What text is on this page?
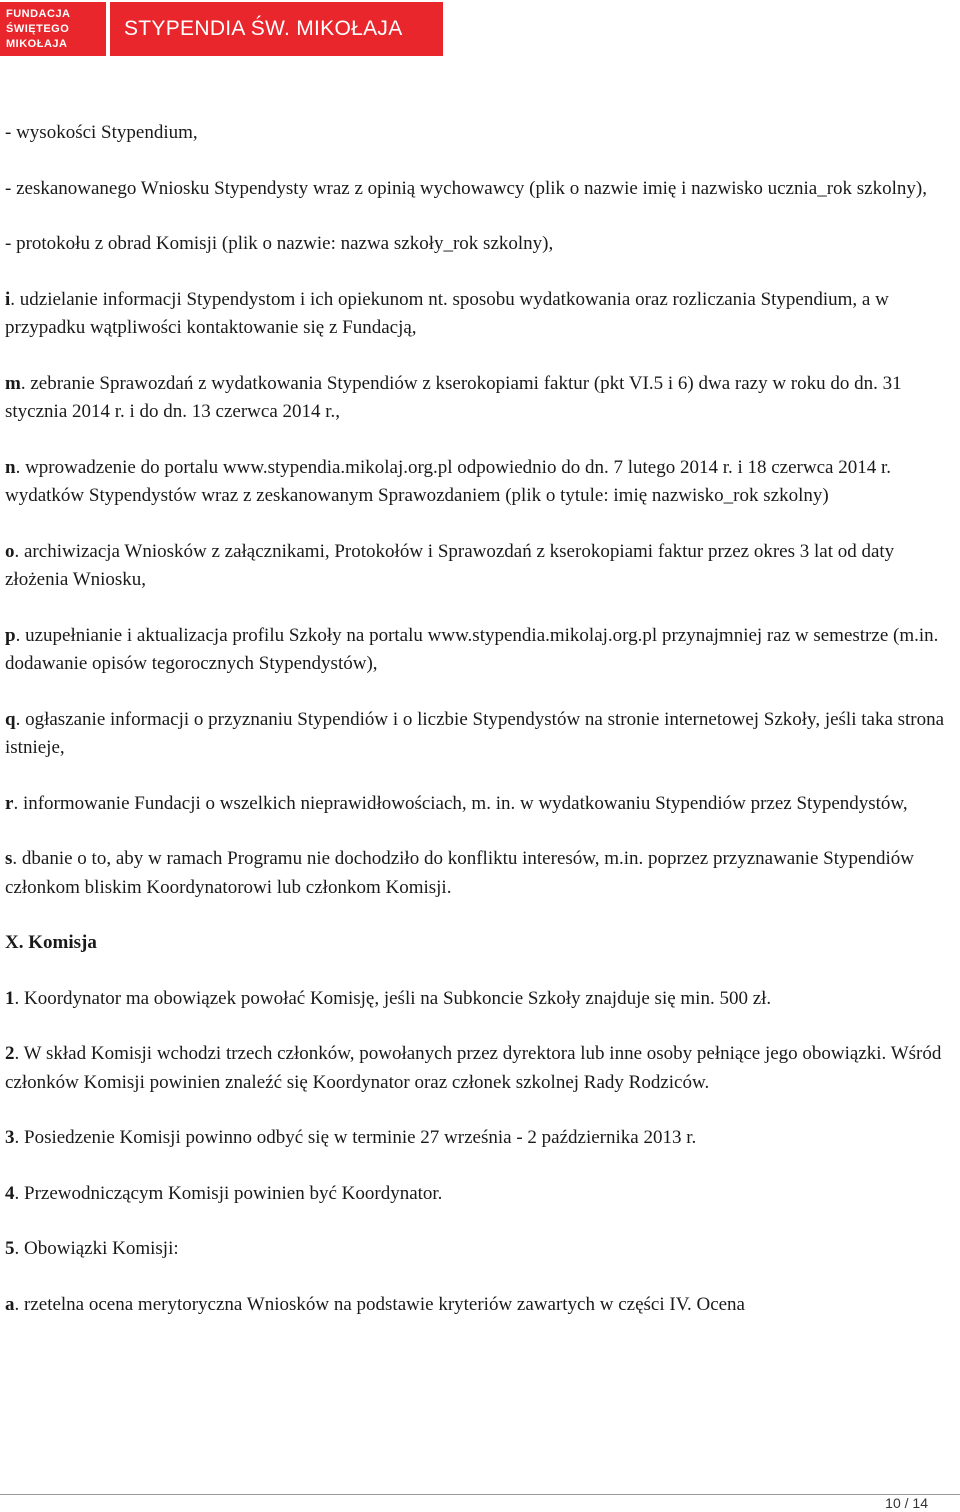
FUNDACJA
ŚWIĘTEGO
MIKOŁAJA
STYPENDIA ŚW. MIKOŁAJA
- wysokości Stypendium,
- zeskanowanego Wniosku Stypendysty wraz z opinią wychowawcy (plik o nazwie imię i nazwisko ucznia_rok szkolny),
- protokołu z obrad Komisji (plik o nazwie: nazwa szkoły_rok szkolny),
i. udzielanie informacji Stypendystom i ich opiekunom nt. sposobu wydatkowania oraz rozliczania Stypendium, a w przypadku wątpliwości kontaktowanie się z Fundacją,
m. zebranie Sprawozdań z wydatkowania Stypendiów z kserokopiami faktur (pkt VI.5 i 6) dwa razy w roku do dn. 31 stycznia 2014 r. i do dn. 13 czerwca 2014 r.,
n. wprowadzenie do portalu www.stypendia.mikolaj.org.pl odpowiednio do dn. 7 lutego 2014 r. i 18 czerwca 2014 r. wydatków Stypendystów wraz z zeskanowanym Sprawozdaniem (plik o tytule: imię nazwisko_rok szkolny)
o. archiwizacja Wniosków z załącznikami, Protokołów i Sprawozdań z kserokopiami faktur przez okres 3 lat od daty złożenia Wniosku,
p. uzupełnianie i aktualizacja profilu Szkoły na portalu www.stypendia.mikolaj.org.pl przynajmniej raz w semestrze (m.in. dodawanie opisów tegorocznych Stypendystów),
q. ogłaszanie informacji o przyznaniu Stypendiów i o liczbie Stypendystów na stronie internetowej Szkoły, jeśli taka strona istnieje,
r. informowanie Fundacji o wszelkich nieprawidłowościach, m. in. w wydatkowaniu Stypendiów przez Stypendystów,
s. dbanie o to, aby w ramach Programu nie dochodziło do konfliktu interesów, m.in. poprzez przyznawanie Stypendiów członkom bliskim Koordynatorowi lub członkom Komisji.
X. Komisja
1. Koordynator ma obowiązek powołać Komisję, jeśli na Subkoncie Szkoły znajduje się min. 500 zł.
2. W skład Komisji wchodzi trzech członków, powołanych przez dyrektora lub inne osoby pełniące jego obowiązki. Wśród członków Komisji powinien znaleźć się Koordynator oraz członek szkolnej Rady Rodziców.
3. Posiedzenie Komisji powinno odbyć się w terminie 27 września - 2 października 2013 r.
4. Przewodniczącym Komisji powinien być Koordynator.
5. Obowiązki Komisji:
a. rzetelna ocena merytoryczna Wniosków na podstawie kryteriów zawartych w części IV. Ocena
10 / 14
